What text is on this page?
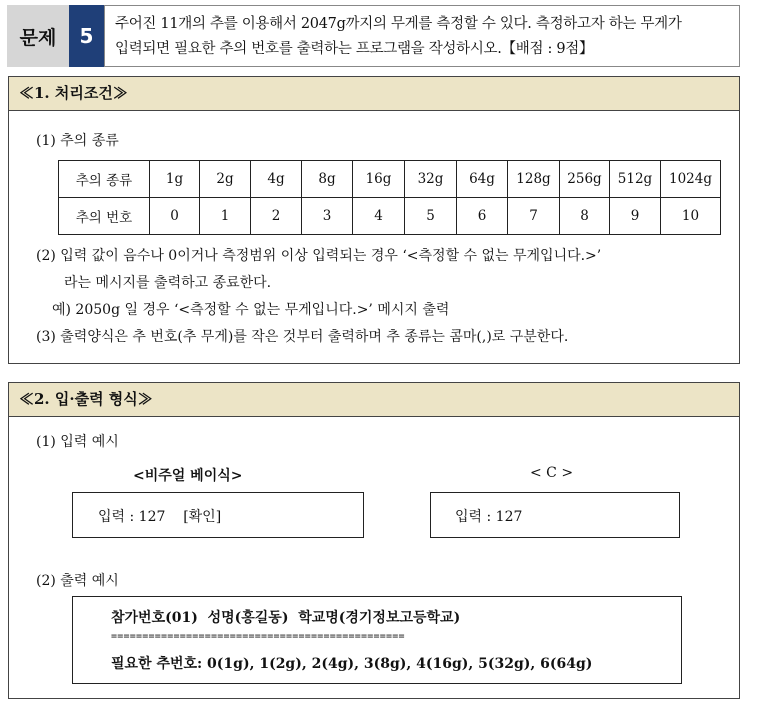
문제	5	주어진 11개의 추를 이용해서 2047g까지의 무게를 측정할 수 있다. 측정하고자 하는 무게가
입력되면 필요한 추의 번호를 출력하는 프로그램을 작성하시오.【배점 : 9점】
≪1. 처리조건≫
(1) 추의 종류
추의 종류	1g	2g	4g	8g	16g	32g	64g	128g	256g	512g	1024g
추의 번호	0	1	2	3	4	5	6	7	8	9	10
(2) 입력 값이 음수나 0이거나 측정범위 이상 입력되는 경우 ‘<측정할 수 없는 무게입니다.>’
라는 메시지를 출력하고 종료한다.
예) 2050g 일 경우 ‘<측정할 수 없는 무게입니다.>’ 메시지 출력
(3) 출력양식은 추 번호(추 무게)를 작은 것부터 출력하며 추 종류는 콤마(,)로 구분한다.
≪2. 입·출력 형식≫
(1) 입력 예시
<비주얼 베이식>	< C >
입력 : 127    [확인]	입력 : 127
(2) 출력 예시
참가번호(01)  성명(홍길동)  학교명(경기정보고등학교)
===============================================
필요한 추번호: 0(1g), 1(2g), 2(4g), 3(8g), 4(16g), 5(32g), 6(64g)
